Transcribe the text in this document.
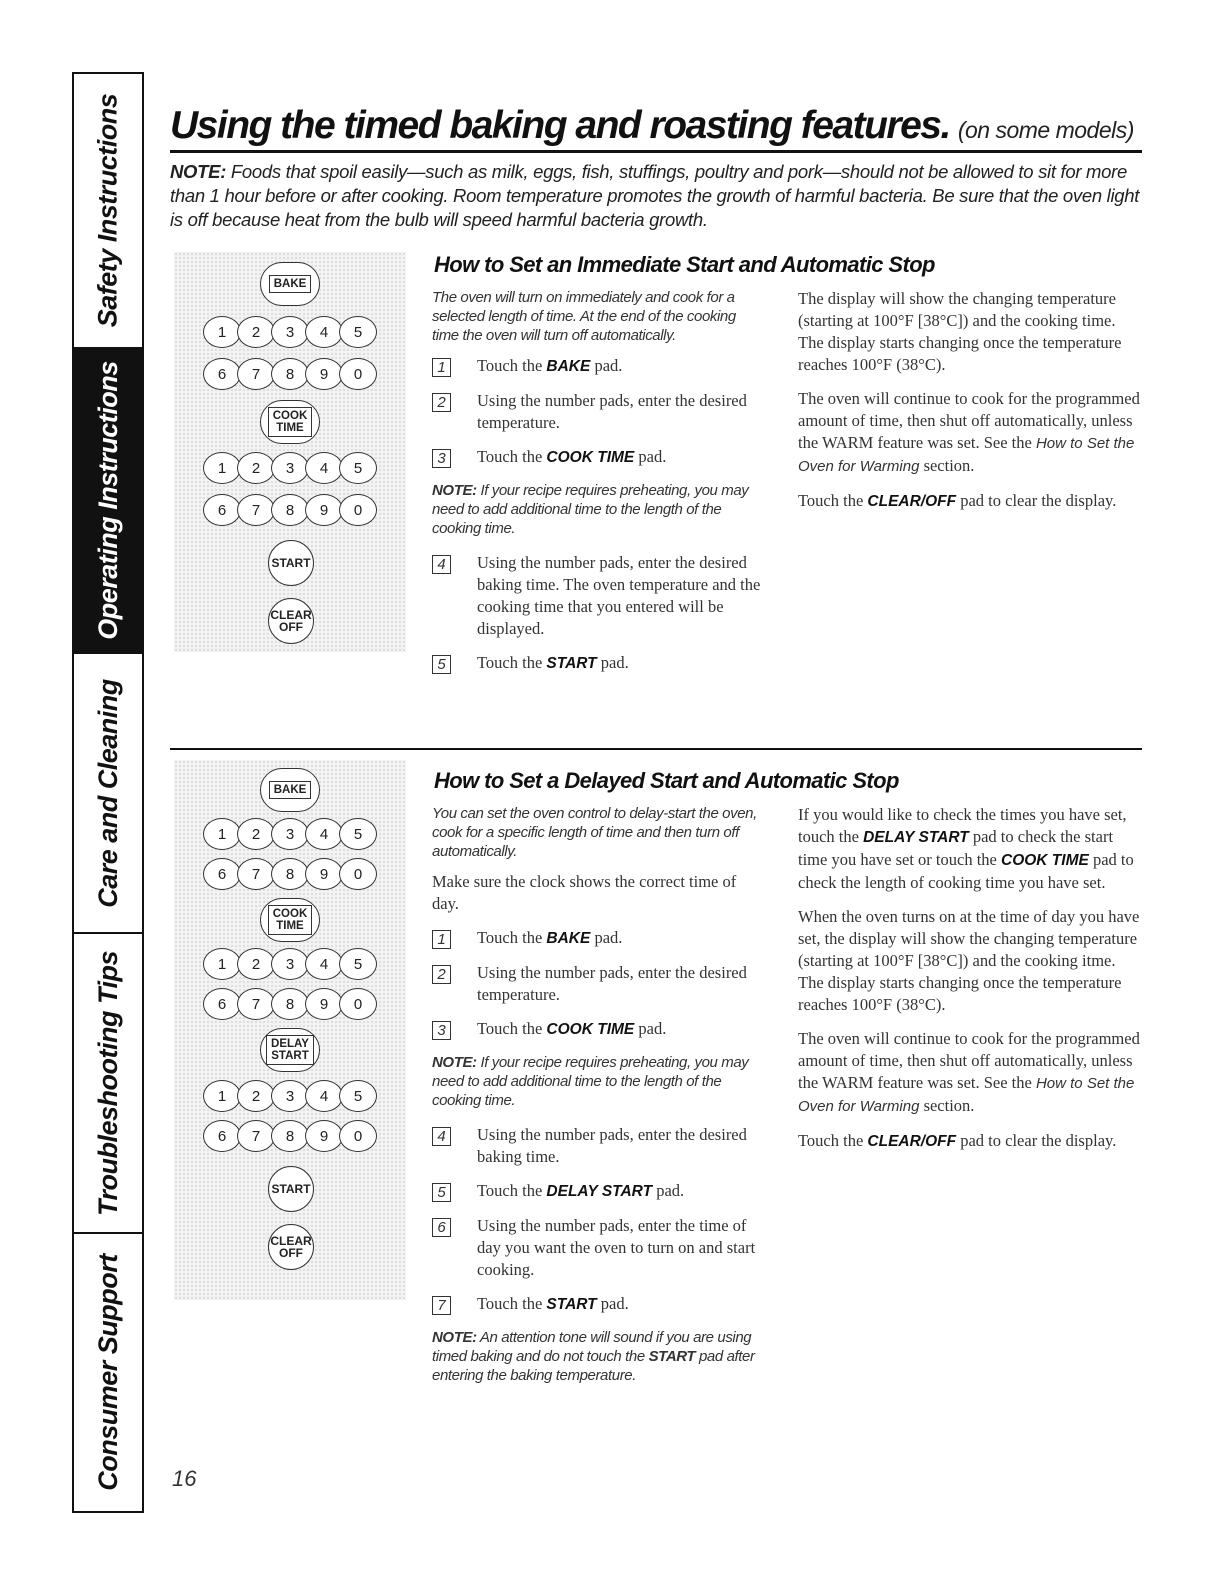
Safety Instructions
Operating Instructions
Care and Cleaning
Troubleshooting Tips
Consumer Support
Using the timed baking and roasting features. (on some models)
NOTE: Foods that spoil easily—such as milk, eggs, fish, stuffings, poultry and pork—should not be allowed to sit for more than 1 hour before or after cooking. Room temperature promotes the growth of harmful bacteria. Be sure that the oven light is off because heat from the bulb will speed harmful bacteria growth.
BAKE
1	2	3	4	5
6	7	8	9	0
COOK
TIME
1	2	3	4	5
6	7	8	9	0
START
CLEAR
OFF
How to Set an Immediate Start and Automatic Stop

The oven will turn on immediately and cook for a selected length of time. At the end of the cooking time the oven will turn off automatically.

1	Touch the BAKE pad.
2	Using the number pads, enter the desired temperature.
3	Touch the COOK TIME pad.

NOTE: If your recipe requires preheating, you may need to add additional time to the length of the cooking time.

4	Using the number pads, enter the desired baking time. The oven temperature and the cooking time that you entered will be displayed.
5	Touch the START pad.

The display will show the changing temperature (starting at 100°F [38°C]) and the cooking time. The display starts changing once the temperature reaches 100°F (38°C).

The oven will continue to cook for the programmed amount of time, then shut off automatically, unless the WARM feature was set. See the How to Set the Oven for Warming section.

Touch the CLEAR/OFF pad to clear the display.

BAKE
1	2	3	4	5
6	7	8	9	0
COOK
TIME
1	2	3	4	5
6	7	8	9	0
DELAY
START
1	2	3	4	5
6	7	8	9	0
START
CLEAR
OFF
How to Set a Delayed Start and Automatic Stop

You can set the oven control to delay-start the oven, cook for a specific length of time and then turn off automatically.

Make sure the clock shows the correct time of day.

1	Touch the BAKE pad.
2	Using the number pads, enter the desired temperature.
3	Touch the COOK TIME pad.

NOTE: If your recipe requires preheating, you may need to add additional time to the length of the cooking time.

4	Using the number pads, enter the desired baking time.
5	Touch the DELAY START pad.
6	Using the number pads, enter the time of day you want the oven to turn on and start cooking.
7	Touch the START pad.

NOTE: An attention tone will sound if you are using timed baking and do not touch the START pad after entering the baking temperature.

If you would like to check the times you have set, touch the DELAY START pad to check the start time you have set or touch the COOK TIME pad to check the length of cooking time you have set.

When the oven turns on at the time of day you have set, the display will show the changing temperature (starting at 100°F [38°C]) and the cooking itme. The display starts changing once the temperature reaches 100°F (38°C).

The oven will continue to cook for the programmed amount of time, then shut off automatically, unless the WARM feature was set. See the How to Set the Oven for Warming section.

Touch the CLEAR/OFF pad to clear the display.

16
